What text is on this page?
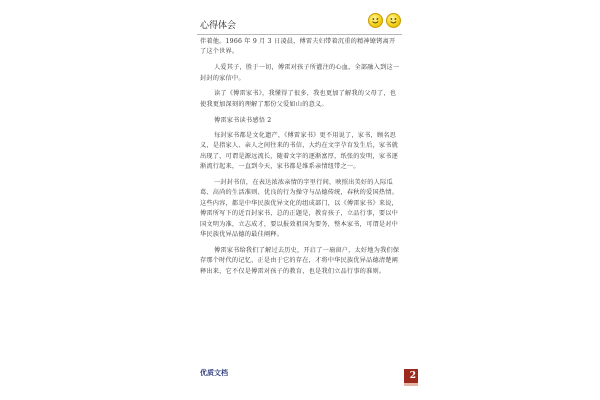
心得体会

伴着他。1966 年 9 月 3 日凌晨，傅雷夫妇带着沉重的精神镣铐离开了这个世界。

人爱其子，胜于一切，傅雷对孩子所灌注的心血，全部融入到这一封封的家信中。

读了《傅雷家书》，我懂得了很多，我也更加了解我的父母了，也使我更加深刻的理解了那份父爱如山的意义。

傅雷家书读书感悟 2

每封家书都是文化遗产，《傅雷家书》更不用说了，家书，顾名思义，是指家人、亲人之间往来的书信，大约在文字孕育发生后，家书就出现了，可谓是源远流长，随着文字的逐渐富厚，纸张的发明，家书逐渐流行起来，一直到今天，家书都是维系亲情纽带之一。

一封封书信，在表达浓浓亲情的字里行间，映照出美好的人际瓜葛、高尚的生活准则、优良的行为操守与品德传统，春秋的爱国热情。这些内容，都是中华民族优异文化的组成部门，以《傅雷家书》来说，傅雷所写下的近百封家书，总的正题是，教育孩子，立品行事，要以中国文明为准，立志成才，要以报效祖国为要务，整本家书，可谓是对中华民族优异品德的最佳阐释。

傅雷家书给我们了解过去历史，开启了一扇窗户，太好地为我们保存那个时代的记忆，正是由于它的存在，才将中华民族优异品德清楚阐释出来，它不仅是傅雷对孩子的教育，也是我们立品行事的准则。

优质文档	2
